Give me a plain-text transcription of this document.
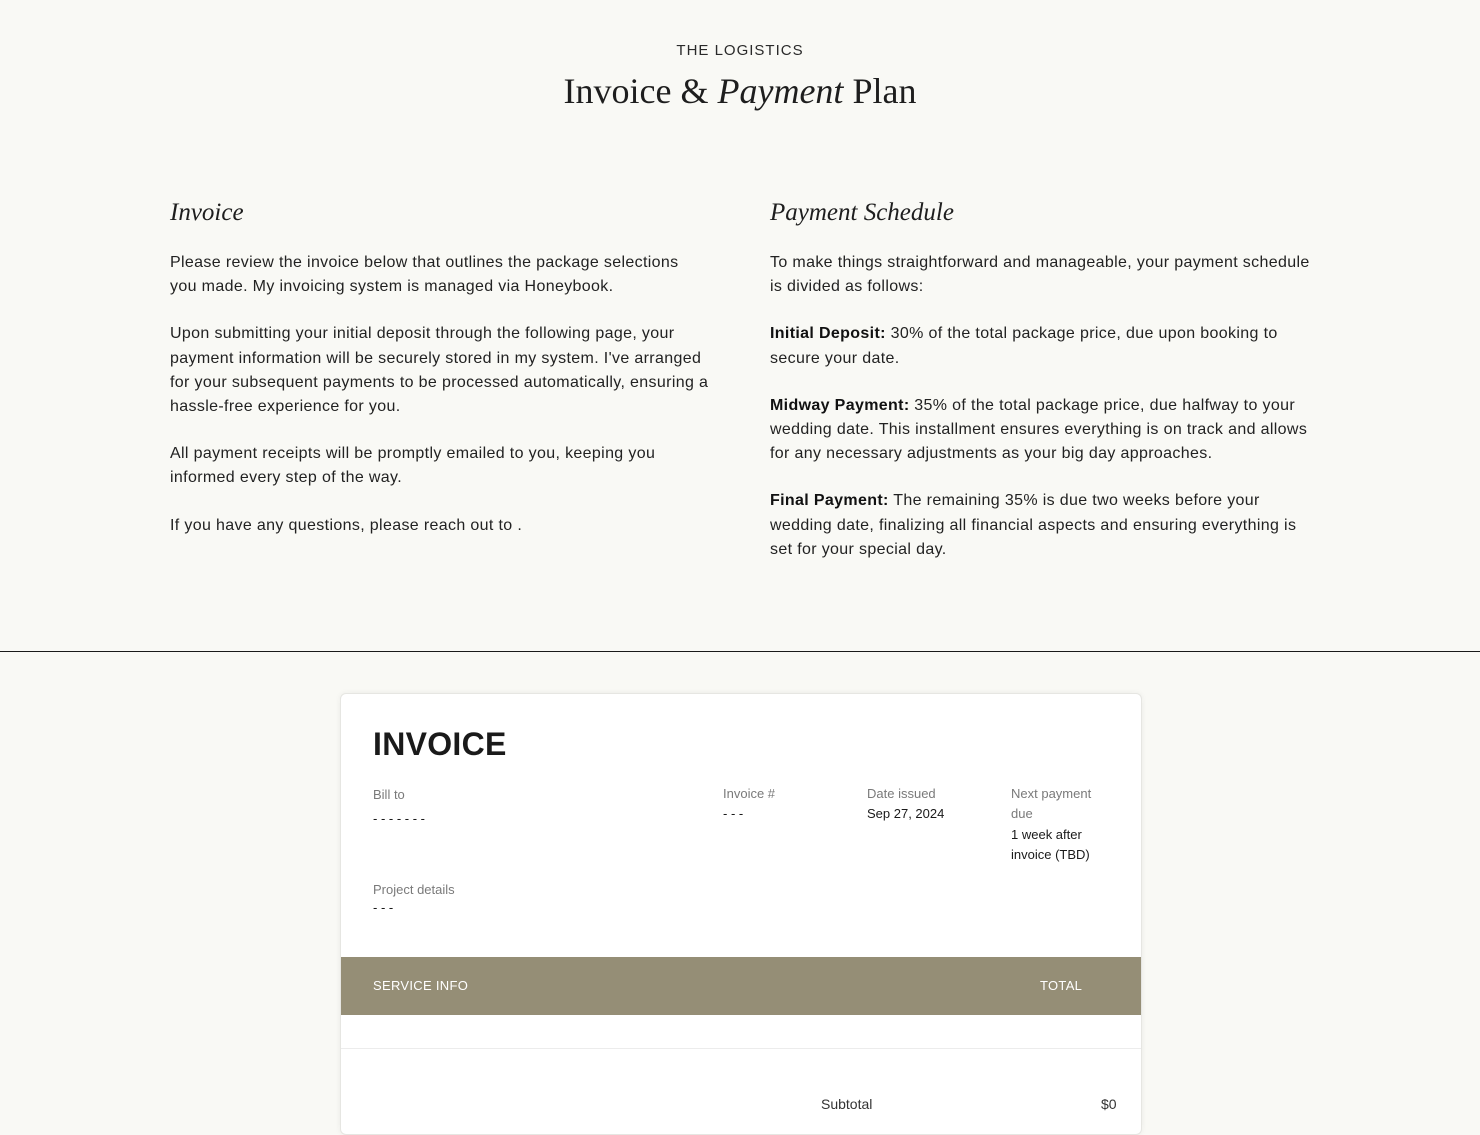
THE LOGISTICS

Invoice & Payment Plan
Invoice

Please review the invoice below that outlines the package selections you made. My invoicing system is managed via Honeybook.

Upon submitting your initial deposit through the following page, your payment information will be securely stored in my system. I've arranged for your subsequent payments to be processed automatically, ensuring a hassle-free experience for you.

All payment receipts will be promptly emailed to you, keeping you informed every step of the way.

If you have any questions, please reach out to .

Payment Schedule

To make things straightforward and manageable, your payment schedule is divided as follows:

Initial Deposit: 30% of the total package price, due upon booking to secure your date.

Midway Payment: 35% of the total package price, due halfway to your wedding date. This installment ensures everything is on track and allows for any necessary adjustments as your big day approaches.

Final Payment: The remaining 35% is due two weeks before your wedding date, finalizing all financial aspects and ensuring everything is set for your special day.

INVOICE
Bill to
- - - - - - -
Invoice #
- - -
Date issued
Sep 27, 2024
Next payment due
1 week after invoice (TBD)
Project details
- - -
SERVICE INFO	TOTAL
Subtotal	$0
